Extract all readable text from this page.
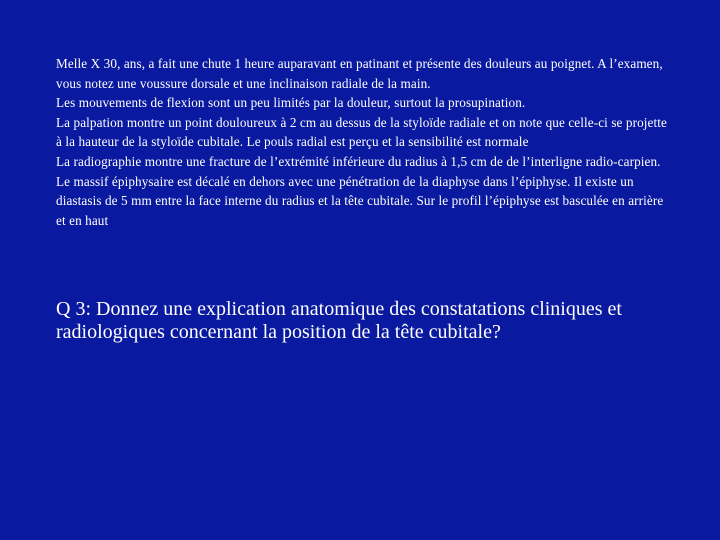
Melle X 30, ans, a fait une chute 1 heure auparavant en patinant et présente des douleurs au poignet. A l’examen, vous notez une voussure dorsale et une inclinaison radiale de la main.

Les mouvements de flexion sont un peu limités par la douleur, surtout la prosupination.

La palpation montre un point douloureux à 2 cm au dessus de la styloïde radiale et on note que celle-ci se projette à la hauteur de la styloïde cubitale. Le pouls radial est perçu et la sensibilité est normale

La radiographie montre une fracture de l’extrémité inférieure du radius à 1,5 cm de de l’interligne radio-carpien. Le massif épiphysaire est décalé en dehors avec une pénétration de la diaphyse dans l’épiphyse. Il existe un diastasis de 5 mm entre la face interne du radius et la tête cubitale. Sur le profil l’épiphyse est basculée en arrière et en haut

Q 3: Donnez une explication anatomique des constatations cliniques et radiologiques concernant la position de la tête cubitale?
